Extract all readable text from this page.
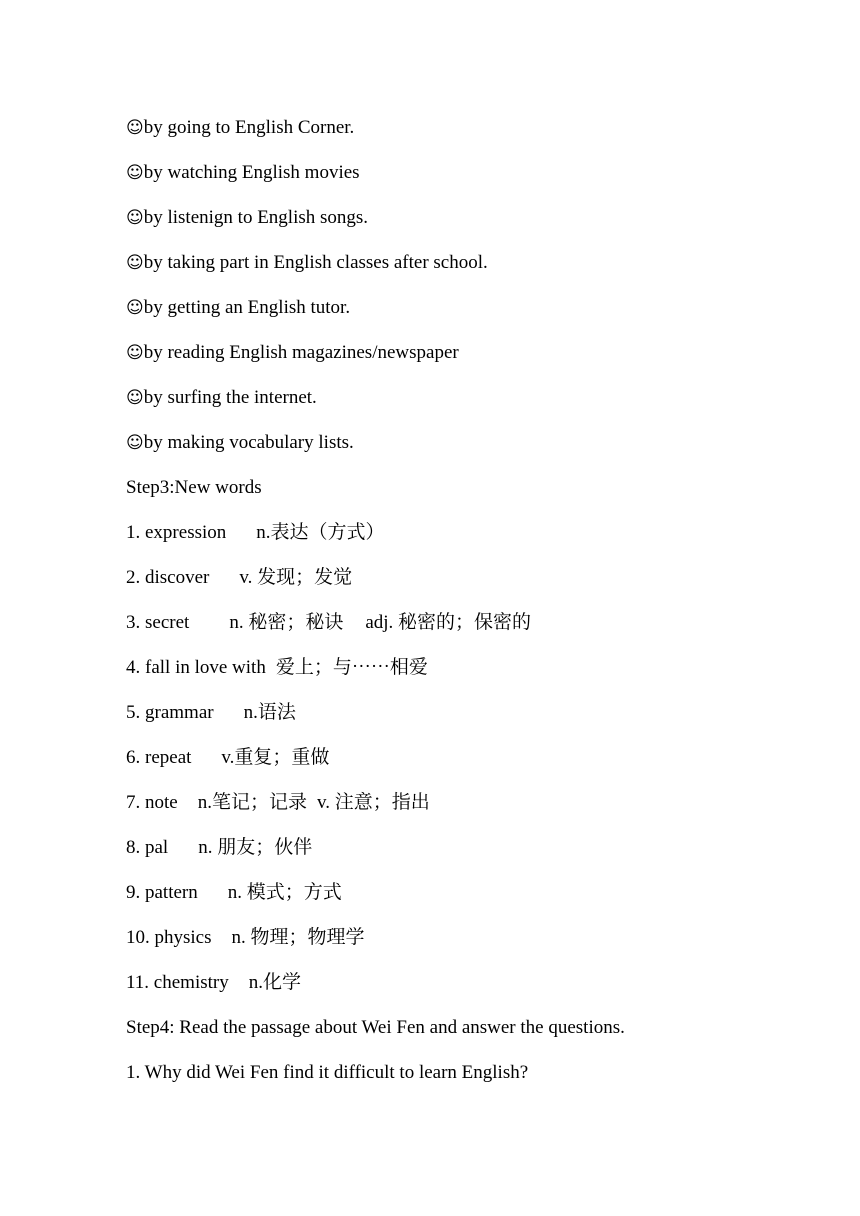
☺by going to English Corner.
☺by watching English movies
☺by listenign to English songs.
☺by taking part in English classes after school.
☺by getting an English tutor.
☺by reading English magazines/newspaper
☺by surfing the internet.
☺by making vocabulary lists.
Step3:New words
1. expression n.表达（方式）
2. discover v. 发现；发觉
3. secret n. 秘密；秘诀 adj. 秘密的；保密的
4. fall in love with 爱上；与⋯⋯相爱
5. grammar n.语法
6. repeat v.重复；重做
7. note n.笔记；记录 v. 注意；指出
8. pal n. 朋友；伙伴
9. pattern n. 模式；方式
10. physics n. 物理；物理学
11. chemistry n.化学
Step4: Read the passage about Wei Fen and answer the questions.
1. Why did Wei Fen find it difficult to learn English?
